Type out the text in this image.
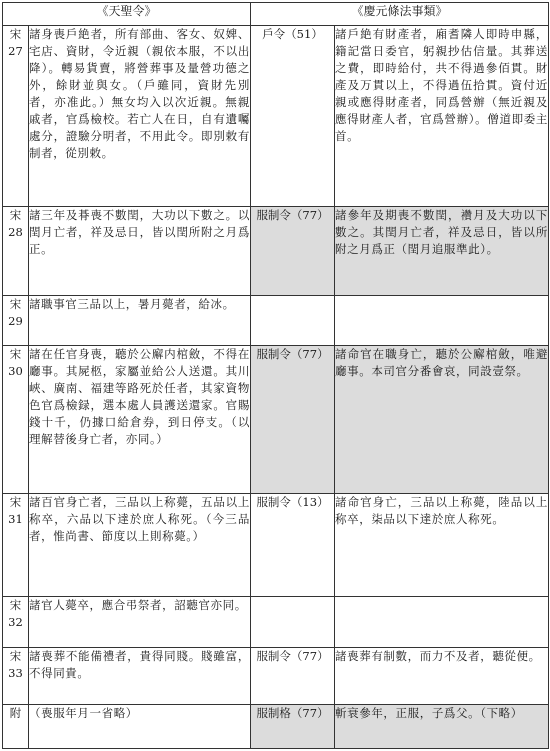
《天聖令》		《慶元條法事類》	
宋27	諸身喪戶絶者，所有部曲、客女、奴婢、宅店、資財，令近親（親依本服，不以出降）。轉易貨賣，將營葬事及量營功德之外，餘財並與女。（戶雖同，資財先別者，亦准此。）無女均入以次近親。無親戚者，官爲檢校。若亡人在日，自有遺囑處分，證驗分明者，不用此令。即別敕有制者，從別敕。	戶令（51）	諸戶絶有財產者，廂耆隣人即時申縣，籍記當日委官，躬親抄估信量。其葬送之費，即時給付，共不得過參佰貫。財產及万貫以上，不得過伍拾貫。資付近親或應得財產者，同爲營辦（無近親及應得財產人者，官爲營辦）。僧道即委主首。
宋28	諸三年及朞喪不數閏，大功以下數之。以閏月亡者，祥及忌日，皆以閏所附之月爲正。	服制令（77）	諸參年及期喪不數閏，襸月及大功以下數之。其閏月亡者，祥及忌日，皆以所附之月爲正（閏月追服準此）。
宋29	諸職事官三品以上，暑月薨者，給冰。		
宋30	諸在任官身喪，聽於公廨内棺斂，不得在廳事。其屍柩，家屬並給公人送還。其川峽、廣南、福建等路死於任者，其家資物色官爲檢録，選本處人員護送還家。官賜錢十千，仍據口給倉券，到日停支。（以理解替後身亡者，亦同。）	服制令（77）	諸命官在職身亡，聽於公廨棺斂，唯避廳事。本司官分番會哀，同設壹祭。
宋31	諸百官身亡者，三品以上称薨，五品以上称卒，六品以下達於庶人称死。（今三品者，惟尚書、節度以上則称薨。）	服制令（13）	諸命官身亡，三品以上称薨，陸品以上称卒，柒品以下達於庶人称死。
宋32	諸官人薨卒，應合弔祭者，詔聽官亦同。		
宋33	諸喪葬不能備禮者，貴得同賤。賤雖富，不得同貴。	服制令（77）	諸喪葬有制數，而力不及者，聽從便。
附	（喪服年月一省略）	服制格（77）	斬衰參年，正服，子爲父。（下略）
